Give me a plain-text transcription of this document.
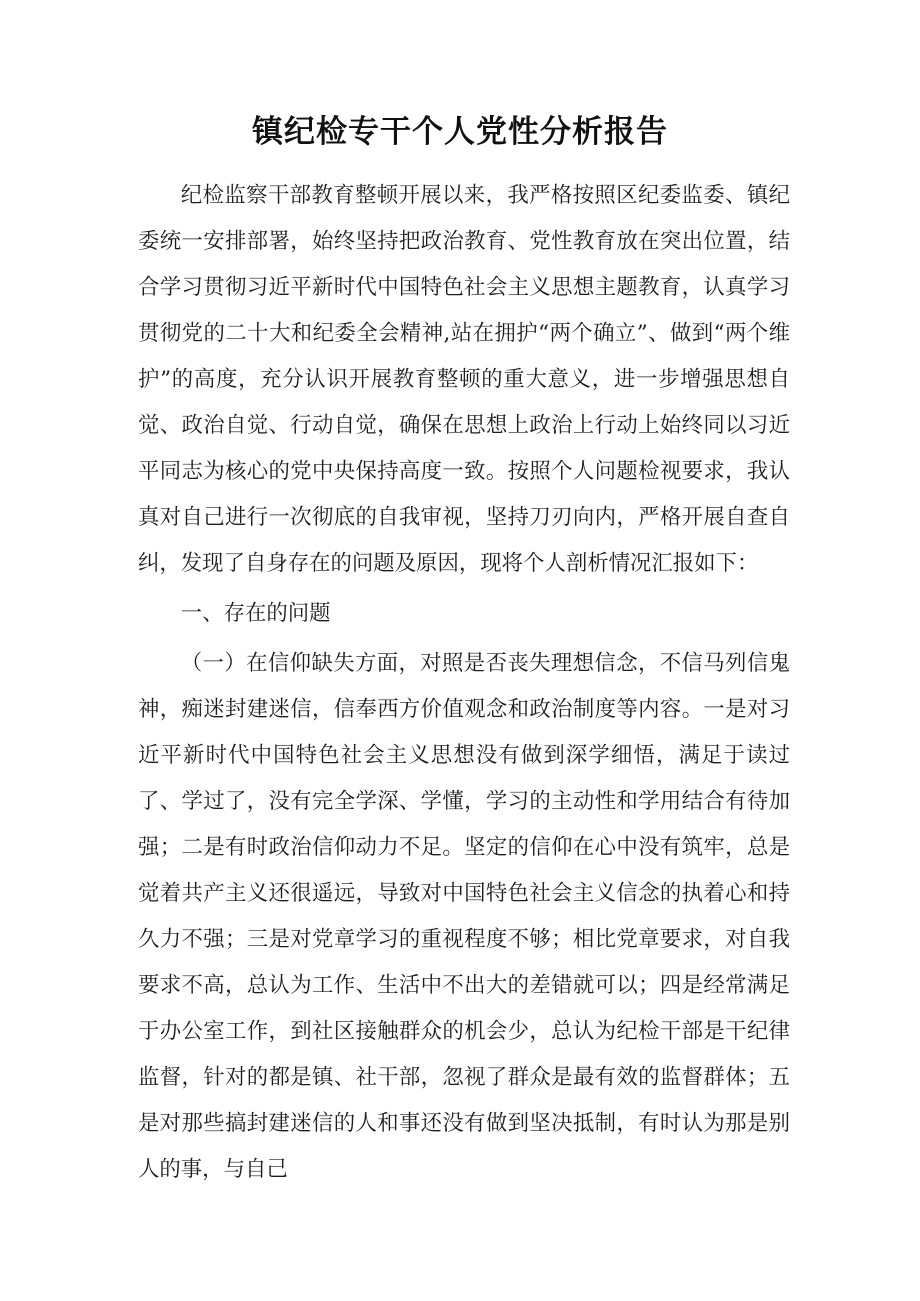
镇纪检专干个人党性分析报告

纪检监察干部教育整顿开展以来，我严格按照区纪委监委、镇纪委统一安排部署，始终坚持把政治教育、党性教育放在突出位置，结合学习贯彻习近平新时代中国特色社会主义思想主题教育，认真学习贯彻党的二十大和纪委全会精神,站在拥护“两个确立”、做到“两个维护”的高度，充分认识开展教育整顿的重大意义，进一步增强思想自觉、政治自觉、行动自觉，确保在思想上政治上行动上始终同以习近平同志为核心的党中央保持高度一致。按照个人问题检视要求，我认真对自己进行一次彻底的自我审视，坚持刀刃向内，严格开展自查自纠，发现了自身存在的问题及原因，现将个人剖析情况汇报如下：

一、存在的问题

（一）在信仰缺失方面，对照是否丧失理想信念，不信马列信鬼神，痴迷封建迷信，信奉西方价值观念和政治制度等内容。一是对习近平新时代中国特色社会主义思想没有做到深学细悟，满足于读过了、学过了，没有完全学深、学懂，学习的主动性和学用结合有待加强；二是有时政治信仰动力不足。坚定的信仰在心中没有筑牢，总是觉着共产主义还很遥远，导致对中国特色社会主义信念的执着心和持久力不强；三是对党章学习的重视程度不够；相比党章要求，对自我要求不高，总认为工作、生活中不出大的差错就可以；四是经常满足于办公室工作，到社区接触群众的机会少，总认为纪检干部是干纪律监督，针对的都是镇、社干部，忽视了群众是最有效的监督群体；五是对那些搞封建迷信的人和事还没有做到坚决抵制，有时认为那是别人的事，与自己
